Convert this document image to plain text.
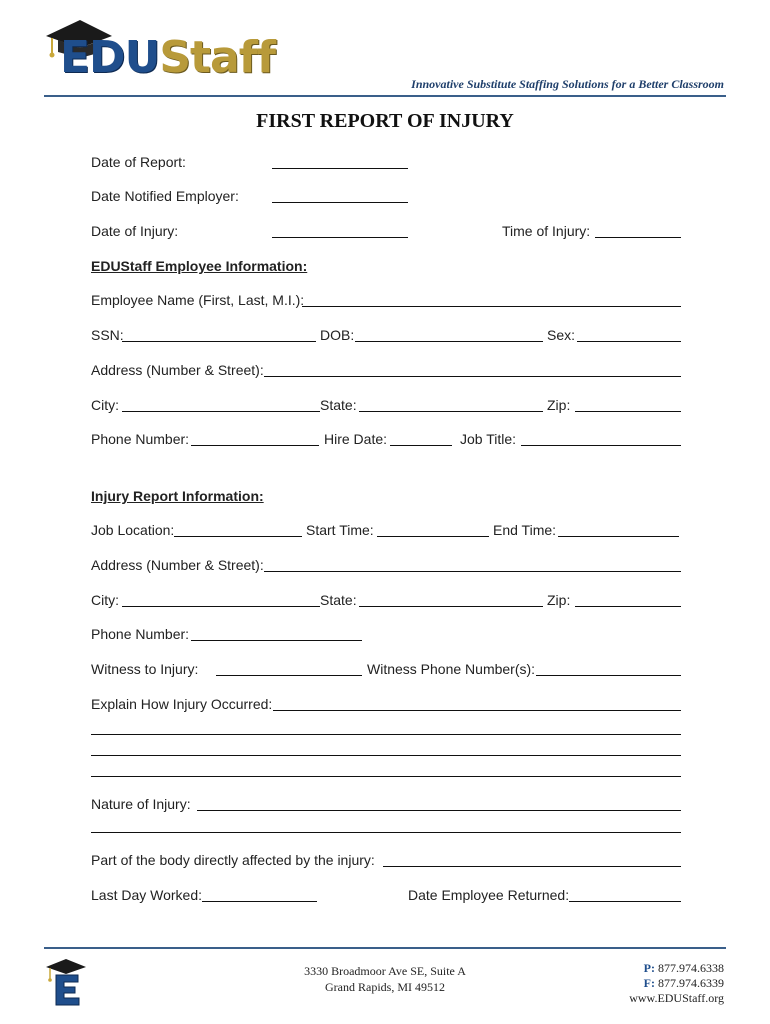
EDUStaff
Innovative Substitute Staffing Solutions for a Better Classroom
FIRST REPORT OF INJURY
Date of Report:
Date Notified Employer:
Date of Injury:	Time of Injury:
EDUStaff Employee Information:
Employee Name (First, Last, M.I.):
SSN:	DOB:	Sex:
Address (Number & Street):
City:	State:	Zip:
Phone Number:	Hire Date:	Job Title:
Injury Report Information:
Job Location:	Start Time:	End Time:
Address (Number & Street):
City:	State:	Zip:
Phone Number:
Witness to Injury:	Witness Phone Number(s):
Explain How Injury Occurred:
Nature of Injury:
Part of the body directly affected by the injury:
Last Day Worked:	Date Employee Returned:
3330 Broadmoor Ave SE, Suite A
Grand Rapids, MI 49512
P: 877.974.6338
F: 877.974.6339
www.EDUStaff.org
